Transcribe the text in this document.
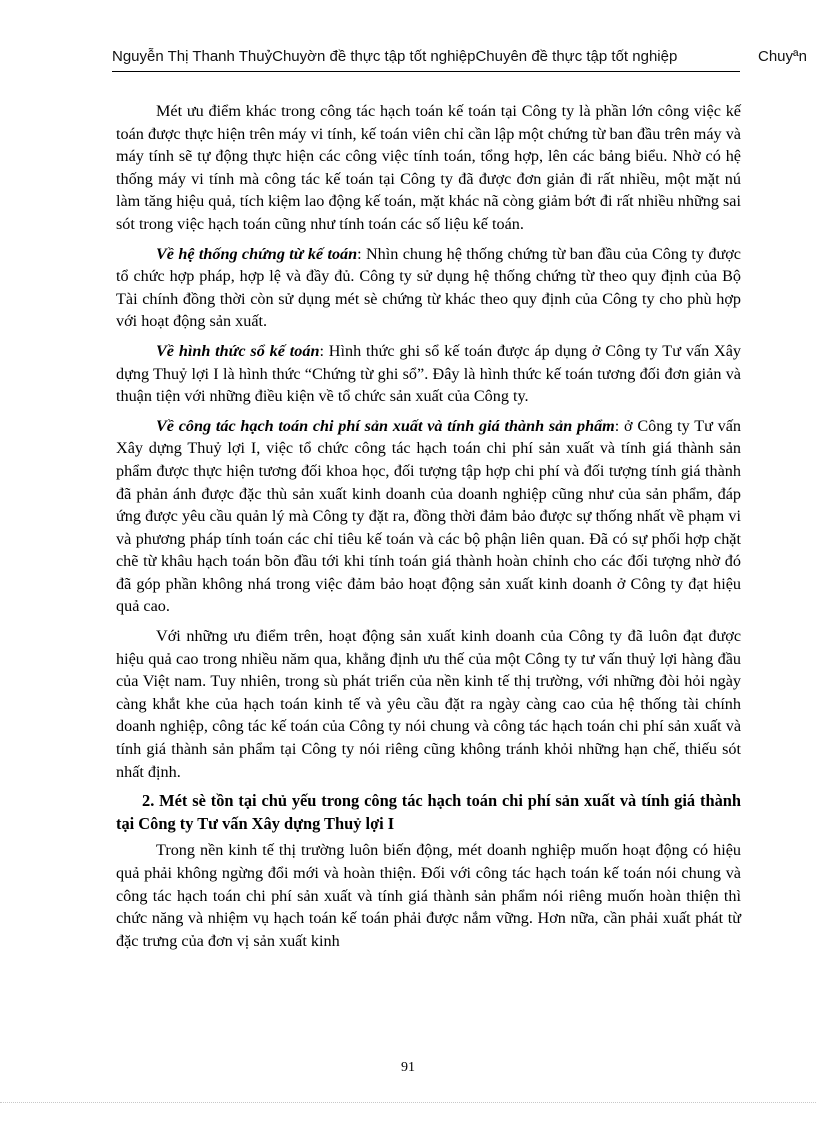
Nguyễn Thị Thanh ThuỷChuyờn đề thực tập tốt nghiệpChuyên đề thực tập tốt nghiệp	Chuyªn

Mét ưu điểm khác trong công tác hạch toán kế toán tại Công ty là phần lớn công việc kế toán được thực hiện trên máy vi tính, kế toán viên chỉ cần lập một chứng từ ban đầu trên máy và máy tính sẽ tự động thực hiện các công việc tính toán, tổng hợp, lên các bảng biểu. Nhờ có hệ thống máy vi tính mà công tác kế toán tại Công ty đã được đơn giản đi rất nhiều, một mặt nú làm tăng hiệu quả, tích kiệm lao động kế toán, mặt khác nã còng giảm bớt đi rất nhiều những sai sót trong việc hạch toán cũng như tính toán các số liệu kế toán.

Về hệ thống chứng từ kế toán: Nhìn chung hệ thống chứng từ ban đầu của Công ty được tổ chức hợp pháp, hợp lệ và đầy đủ. Công ty sử dụng hệ thống chứng từ theo quy định của Bộ Tài chính đồng thời còn sử dụng mét sè chứng từ khác theo quy định của Công ty cho phù hợp với hoạt động sản xuất.

Về hình thức sổ kế toán: Hình thức ghi sổ kế toán được áp dụng ở Công ty Tư vấn Xây dựng Thuỷ lợi I là hình thức “Chứng từ ghi sổ”. Đây là hình thức kế toán tương đối đơn giản và thuận tiện với những điều kiện về tổ chức sản xuất của Công ty.

Về công tác hạch toán chi phí sản xuất và tính giá thành sản phẩm: ở Công ty Tư vấn Xây dựng Thuỷ lợi I, việc tổ chức công tác hạch toán chi phí sản xuất và tính giá thành sản phẩm được thực hiện tương đối khoa học, đối tượng tập hợp chi phí và đối tượng tính giá thành đã phản ánh được đặc thù sản xuất kinh doanh của doanh nghiệp cũng như của sản phẩm, đáp ứng được yêu cầu quản lý mà Công ty đặt ra, đồng thời đảm bảo được sự thống nhất về phạm vi và phương pháp tính toán các chỉ tiêu kế toán và các bộ phận liên quan. Đã có sự phối hợp chặt chẽ từ khâu hạch toán bõn đầu tới khi tính toán giá thành hoàn chỉnh cho các đối tượng nhờ đó đã góp phần không nhá trong việc đảm bảo hoạt động sản xuất kinh doanh ở Công ty đạt hiệu quả cao.

Với những ưu điểm trên, hoạt động sản xuất kinh doanh của Công ty đã luôn đạt được hiệu quả cao trong nhiều năm qua, khẳng định ưu thế của một Công ty tư vấn thuỷ lợi hàng đầu của Việt nam. Tuy nhiên, trong sù phát triển của nền kinh tế thị trường, với những đòi hỏi ngày càng khắt khe của hạch toán kinh tế và yêu cầu đặt ra ngày càng cao của hệ thống tài chính doanh nghiệp, công tác kế toán của Công ty nói chung và công tác hạch toán chi phí sản xuất và tính giá thành sản phẩm tại Công ty nói riêng cũng không tránh khỏi những hạn chế, thiếu sót nhất định.

2. Mét sè tồn tại chủ yếu trong công tác hạch toán chi phí sản xuất và tính giá thành tại Công ty Tư vấn Xây dựng Thuỷ lợi I

Trong nền kinh tế thị trường luôn biến động, mét doanh nghiệp muốn hoạt động có hiệu quả phải không ngừng đổi mới và hoàn thiện. Đối với công tác hạch toán kế toán nói chung và công tác hạch toán chi phí sản xuất và tính giá thành sản phẩm nói riêng muốn hoàn thiện thì chức năng và nhiệm vụ hạch toán kế toán phải được nắm vững. Hơn nữa, cần phải xuất phát từ đặc trưng của đơn vị sản xuất kinh

91
